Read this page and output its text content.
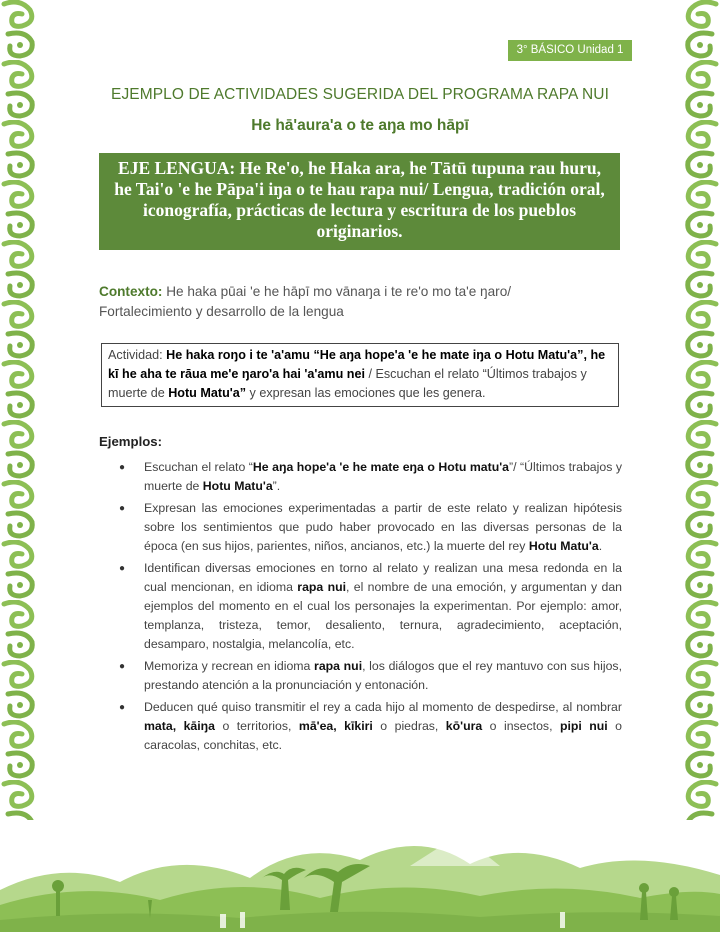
3° BÁSICO Unidad 1
EJEMPLO DE ACTIVIDADES SUGERIDA DEL PROGRAMA RAPA NUI
He hā'aura'a o te aŋa mo hāpī
EJE LENGUA: He Re'o, he Haka ara, he Tātū tupuna rau huru, he Tai'o 'e he Pāpa'i iŋa o te hau rapa nui/ Lengua, tradición oral, iconografía, prácticas de lectura y escritura de los pueblos originarios.
Contexto: He haka pūai 'e he hāpī mo vānaŋa i te re'o mo ta'e ŋaro/ Fortalecimiento y desarrollo de la lengua
Actividad: He haka roŋo i te 'a'amu “He aŋa hope'a 'e he mate iŋa o Hotu Matu'a”, he kī he aha te rāua me'e ŋaro'a hai 'a'amu nei / Escuchan el relato “Últimos trabajos y muerte de Hotu Matu'a” y expresan las emociones que les genera.
Ejemplos:
● Escuchan el relato “He aŋa hope'a 'e he mate eŋa o Hotu matu'a”/ “Últimos trabajos y muerte de Hotu Matu'a”.
● Expresan las emociones experimentadas a partir de este relato y realizan hipótesis sobre los sentimientos que pudo haber provocado en las diversas personas de la época (en sus hijos, parientes, niños, ancianos, etc.) la muerte del rey Hotu Matu'a.
● Identifican diversas emociones en torno al relato y realizan una mesa redonda en la cual mencionan, en idioma rapa nui, el nombre de una emoción, y argumentan y dan ejemplos del momento en el cual los personajes la experimentan. Por ejemplo: amor, templanza, tristeza, temor, desaliento, ternura, agradecimiento, aceptación, desamparo, nostalgia, melancolía, etc.
● Memoriza y recrean en idioma rapa nui, los diálogos que el rey mantuvo con sus hijos, prestando atención a la pronunciación y entonación.
● Deducen qué quiso transmitir el rey a cada hijo al momento de despedirse, al nombrar mata, kāiŋa o territorios, mā'ea, kīkiri o piedras, kō'ura o insectos, pipi nui o caracolas, conchitas, etc.
